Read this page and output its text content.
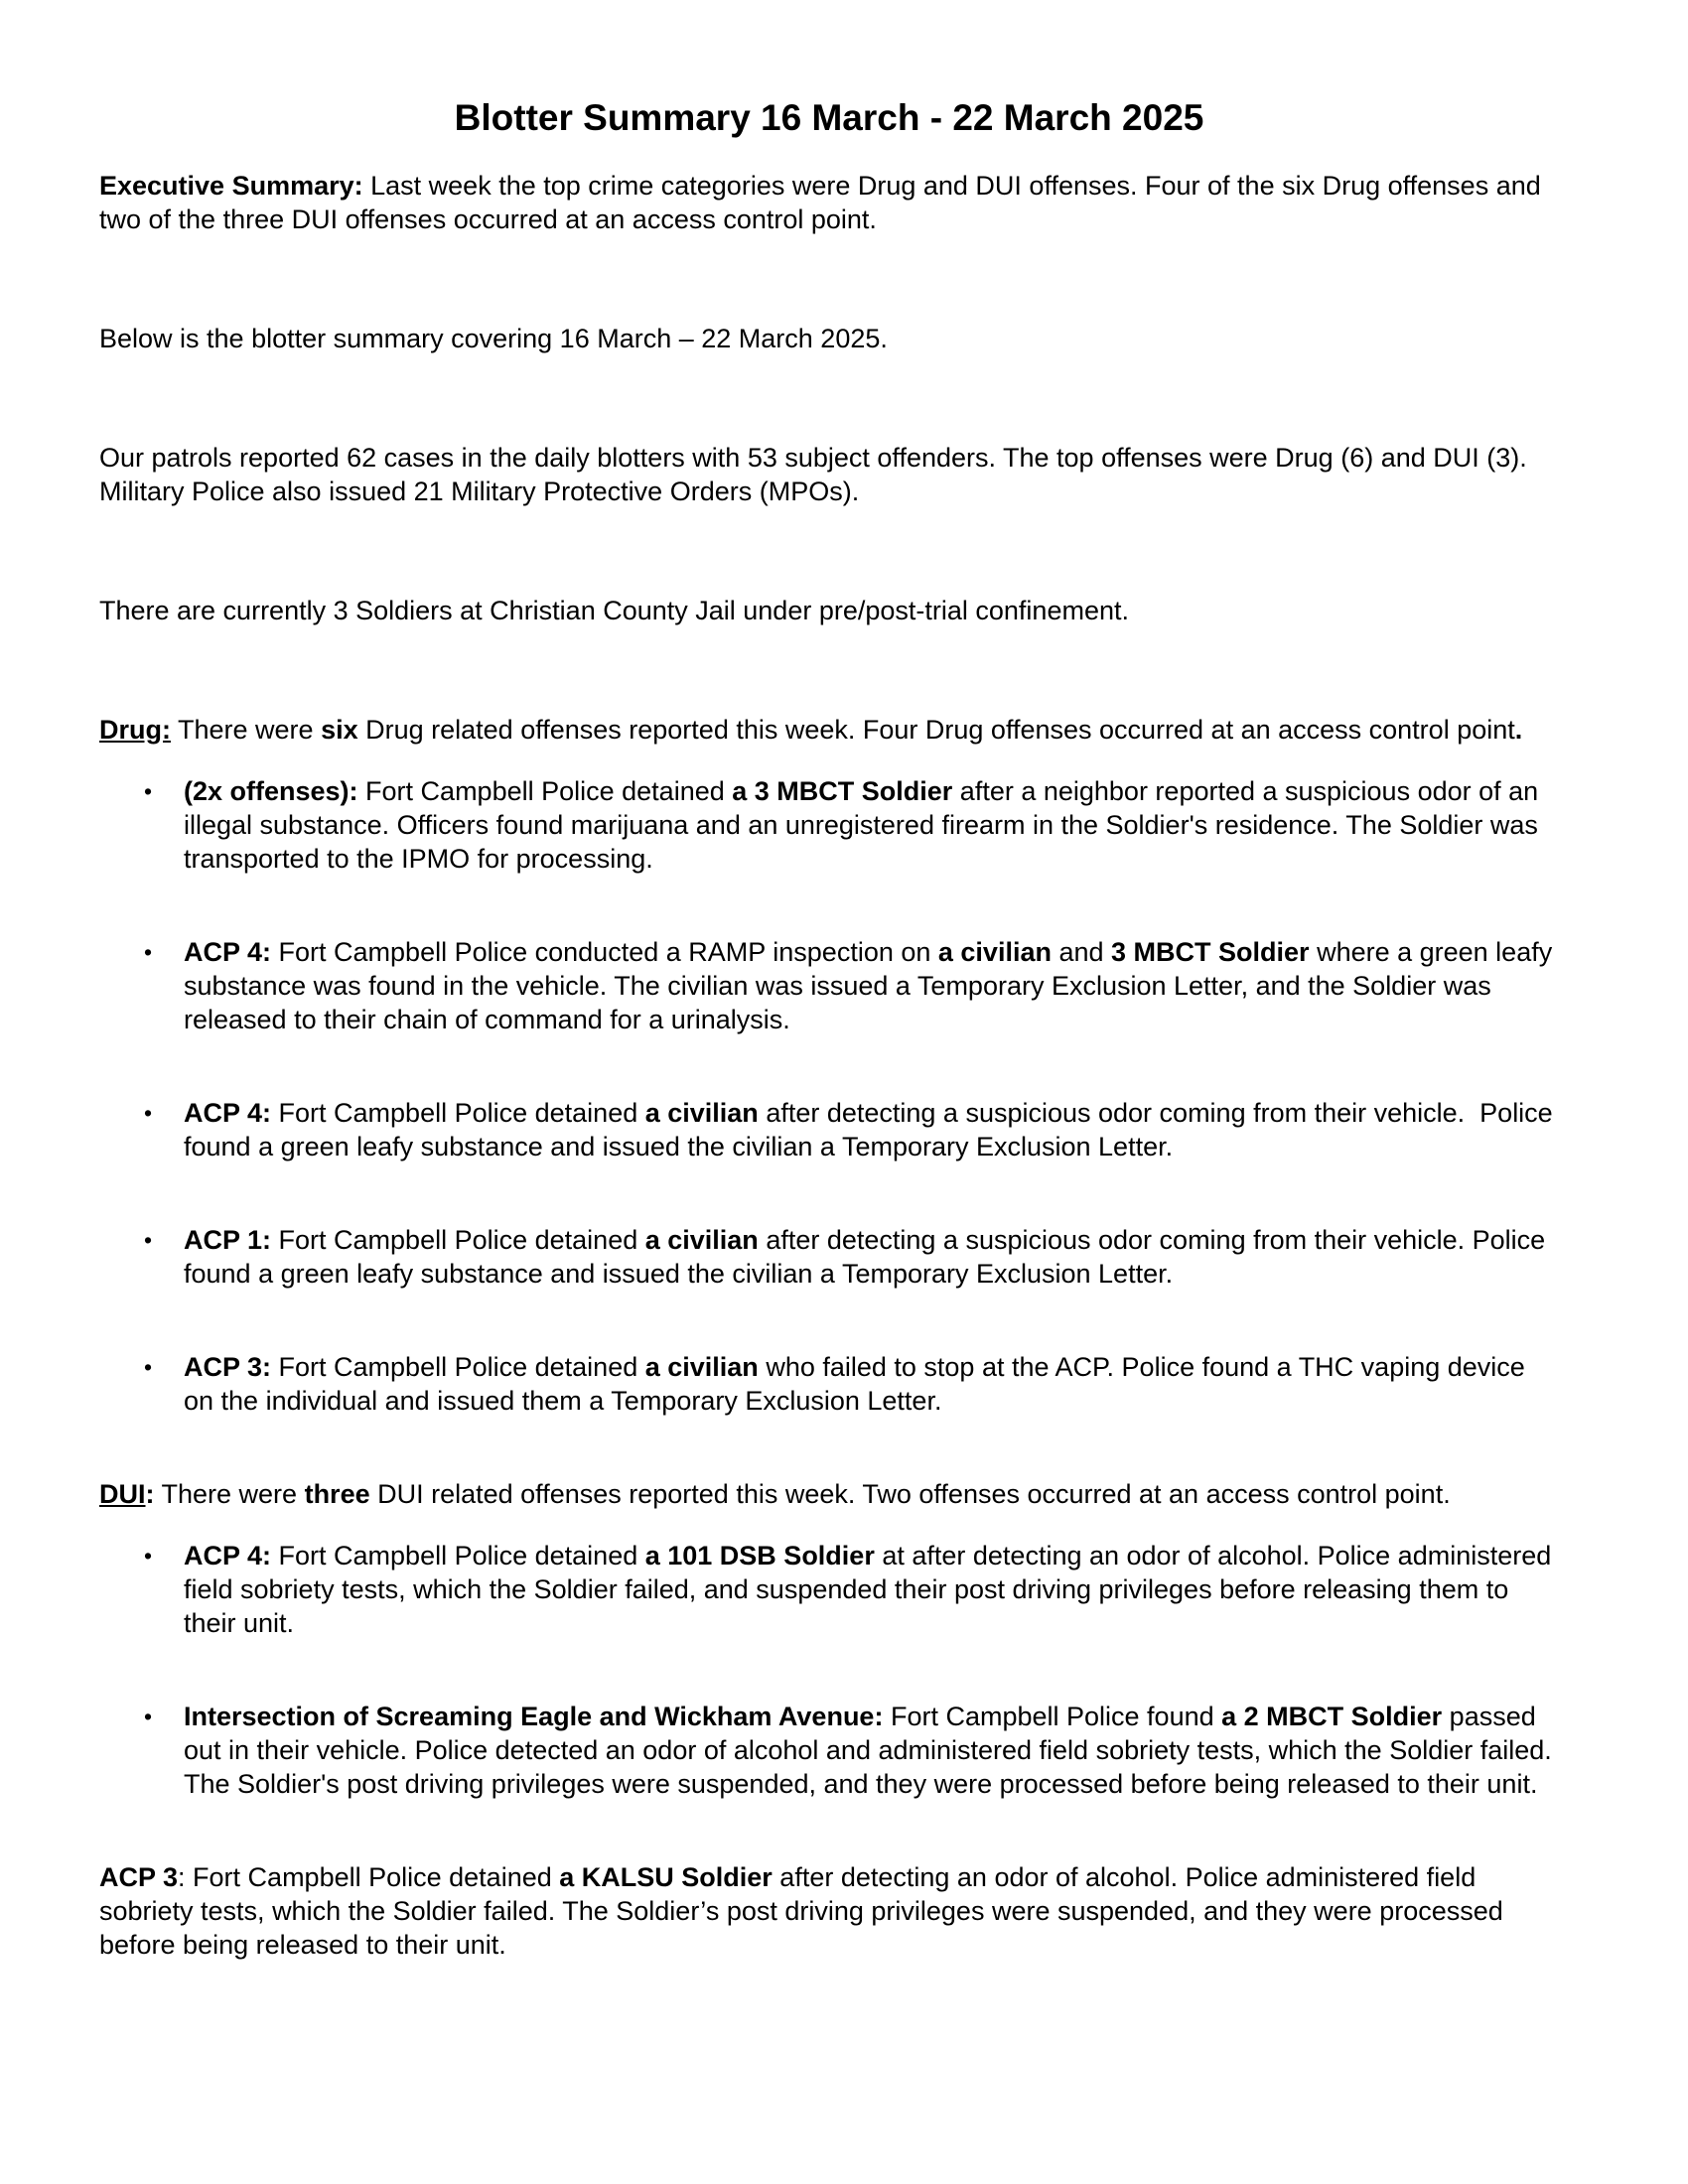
Blotter Summary 16 March - 22 March 2025

Executive Summary: Last week the top crime categories were Drug and DUI offenses. Four of the six Drug offenses and two of the three DUI offenses occurred at an access control point.

Below is the blotter summary covering 16 March – 22 March 2025.

Our patrols reported 62 cases in the daily blotters with 53 subject offenders. The top offenses were Drug (6) and DUI (3). Military Police also issued 21 Military Protective Orders (MPOs).

There are currently 3 Soldiers at Christian County Jail under pre/post-trial confinement.

Drug: There were six Drug related offenses reported this week. Four Drug offenses occurred at an access control point.

•	(2x offenses): Fort Campbell Police detained a 3 MBCT Soldier after a neighbor reported a suspicious odor of an illegal substance. Officers found marijuana and an unregistered firearm in the Soldier's residence. The Soldier was transported to the IPMO for processing.
•	ACP 4: Fort Campbell Police conducted a RAMP inspection on a civilian and 3 MBCT Soldier where a green leafy substance was found in the vehicle. The civilian was issued a Temporary Exclusion Letter, and the Soldier was released to their chain of command for a urinalysis.
•	ACP 4: Fort Campbell Police detained a civilian after detecting a suspicious odor coming from their vehicle.  Police found a green leafy substance and issued the civilian a Temporary Exclusion Letter.
•	ACP 1: Fort Campbell Police detained a civilian after detecting a suspicious odor coming from their vehicle. Police found a green leafy substance and issued the civilian a Temporary Exclusion Letter.
•	ACP 3: Fort Campbell Police detained a civilian who failed to stop at the ACP. Police found a THC vaping device on the individual and issued them a Temporary Exclusion Letter.

DUI: There were three DUI related offenses reported this week. Two offenses occurred at an access control point.

•	ACP 4: Fort Campbell Police detained a 101 DSB Soldier at after detecting an odor of alcohol. Police administered field sobriety tests, which the Soldier failed, and suspended their post driving privileges before releasing them to their unit.
•	Intersection of Screaming Eagle and Wickham Avenue: Fort Campbell Police found a 2 MBCT Soldier passed out in their vehicle. Police detected an odor of alcohol and administered field sobriety tests, which the Soldier failed. The Soldier's post driving privileges were suspended, and they were processed before being released to their unit.

ACP 3: Fort Campbell Police detained a KALSU Soldier after detecting an odor of alcohol. Police administered field sobriety tests, which the Soldier failed. The Soldier’s post driving privileges were suspended, and they were processed before being released to their unit.
